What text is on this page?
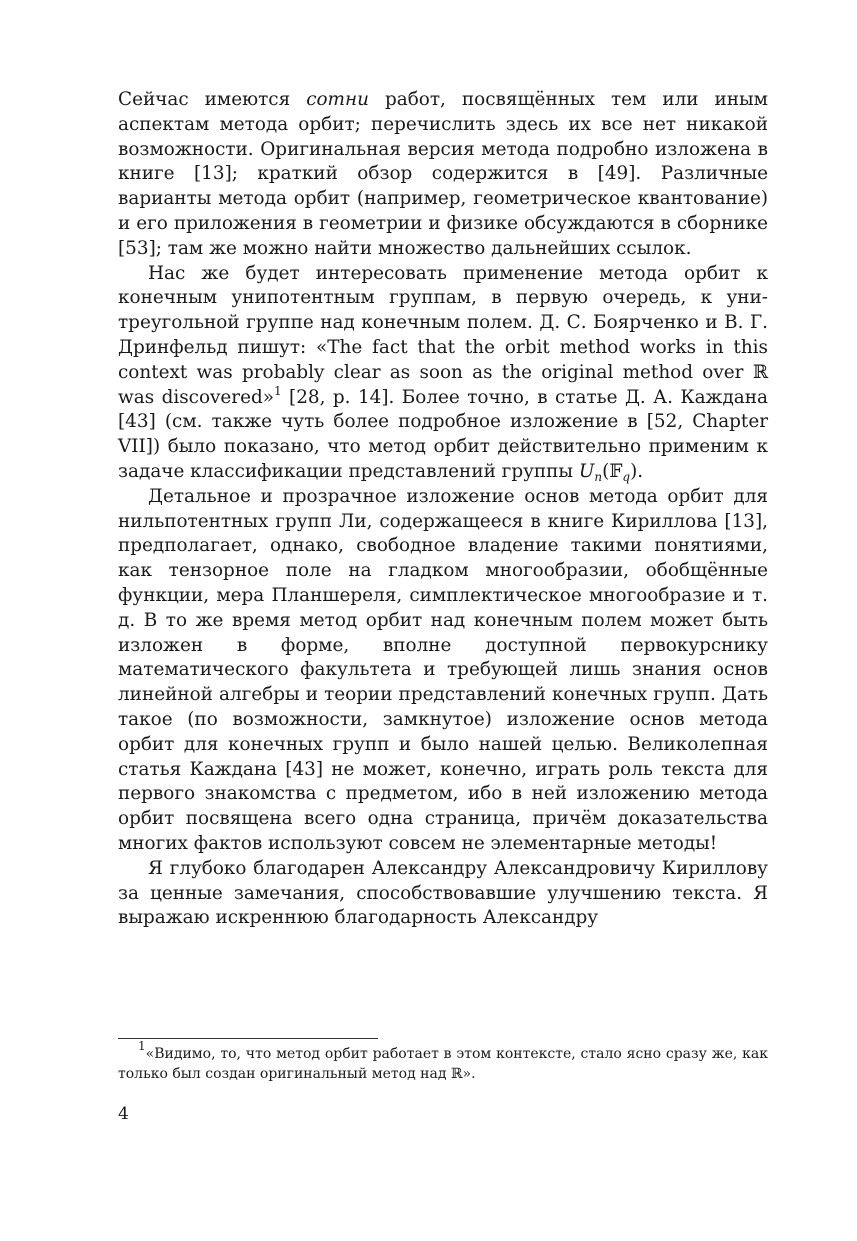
Сейчас имеются сотни работ, посвящённых тем или иным аспектам метода орбит; перечислить здесь их все нет никакой возможности. Оригинальная версия метода подробно изложена в книге [13]; краткий обзор содержится в [49]. Различные варианты метода орбит (например, геометрическое квантование) и его приложения в геометрии и физике обсуждаются в сборнике [53]; там же можно найти множество дальнейших ссылок.

Нас же будет интересовать применение метода орбит к конечным унипотентным группам, в первую очередь, к унитреугольной группе над конечным полем. Д. С. Боярченко и В. Г. Дринфельд пишут: «The fact that the orbit method works in this context was probably clear as soon as the original method over ℝ was discovered»$^1$ [28, p. 14]. Более точно, в статье Д. А. Каждана [43] (см. также чуть более подробное изложение в [52, Chapter VII]) было показано, что метод орбит действительно применим к задаче классификации представлений группы $U_n(𝔽_q)$.

Детальное и прозрачное изложение основ метода орбит для нильпотентных групп Ли, содержащееся в книге Кириллова [13], предполагает, однако, свободное владение такими понятиями, как тензорное поле на гладком многообразии, обобщённые функции, мера Планшереля, симплектическое многообразие и т. д. В то же время метод орбит над конечным полем может быть изложен в форме, вполне доступной первокурснику математического факультета и требующей лишь знания основ линейной алгебры и теории представлений конечных групп. Дать такое (по возможности, замкнутое) изложение основ метода орбит для конечных групп и было нашей целью. Великолепная статья Каждана [43] не может, конечно, играть роль текста для первого знакомства с предметом, ибо в ней изложению метода орбит посвящена всего одна страница, причём доказательства многих фактов используют совсем не элементарные методы!

Я глубоко благодарен Александру Александровичу Кириллову за ценные замечания, способствовавшие улучшению текста. Я выражаю искреннюю благодарность Александру

1«Видимо, то, что метод орбит работает в этом контексте, стало ясно сразу же, как только был создан оригинальный метод над ℝ».

4
